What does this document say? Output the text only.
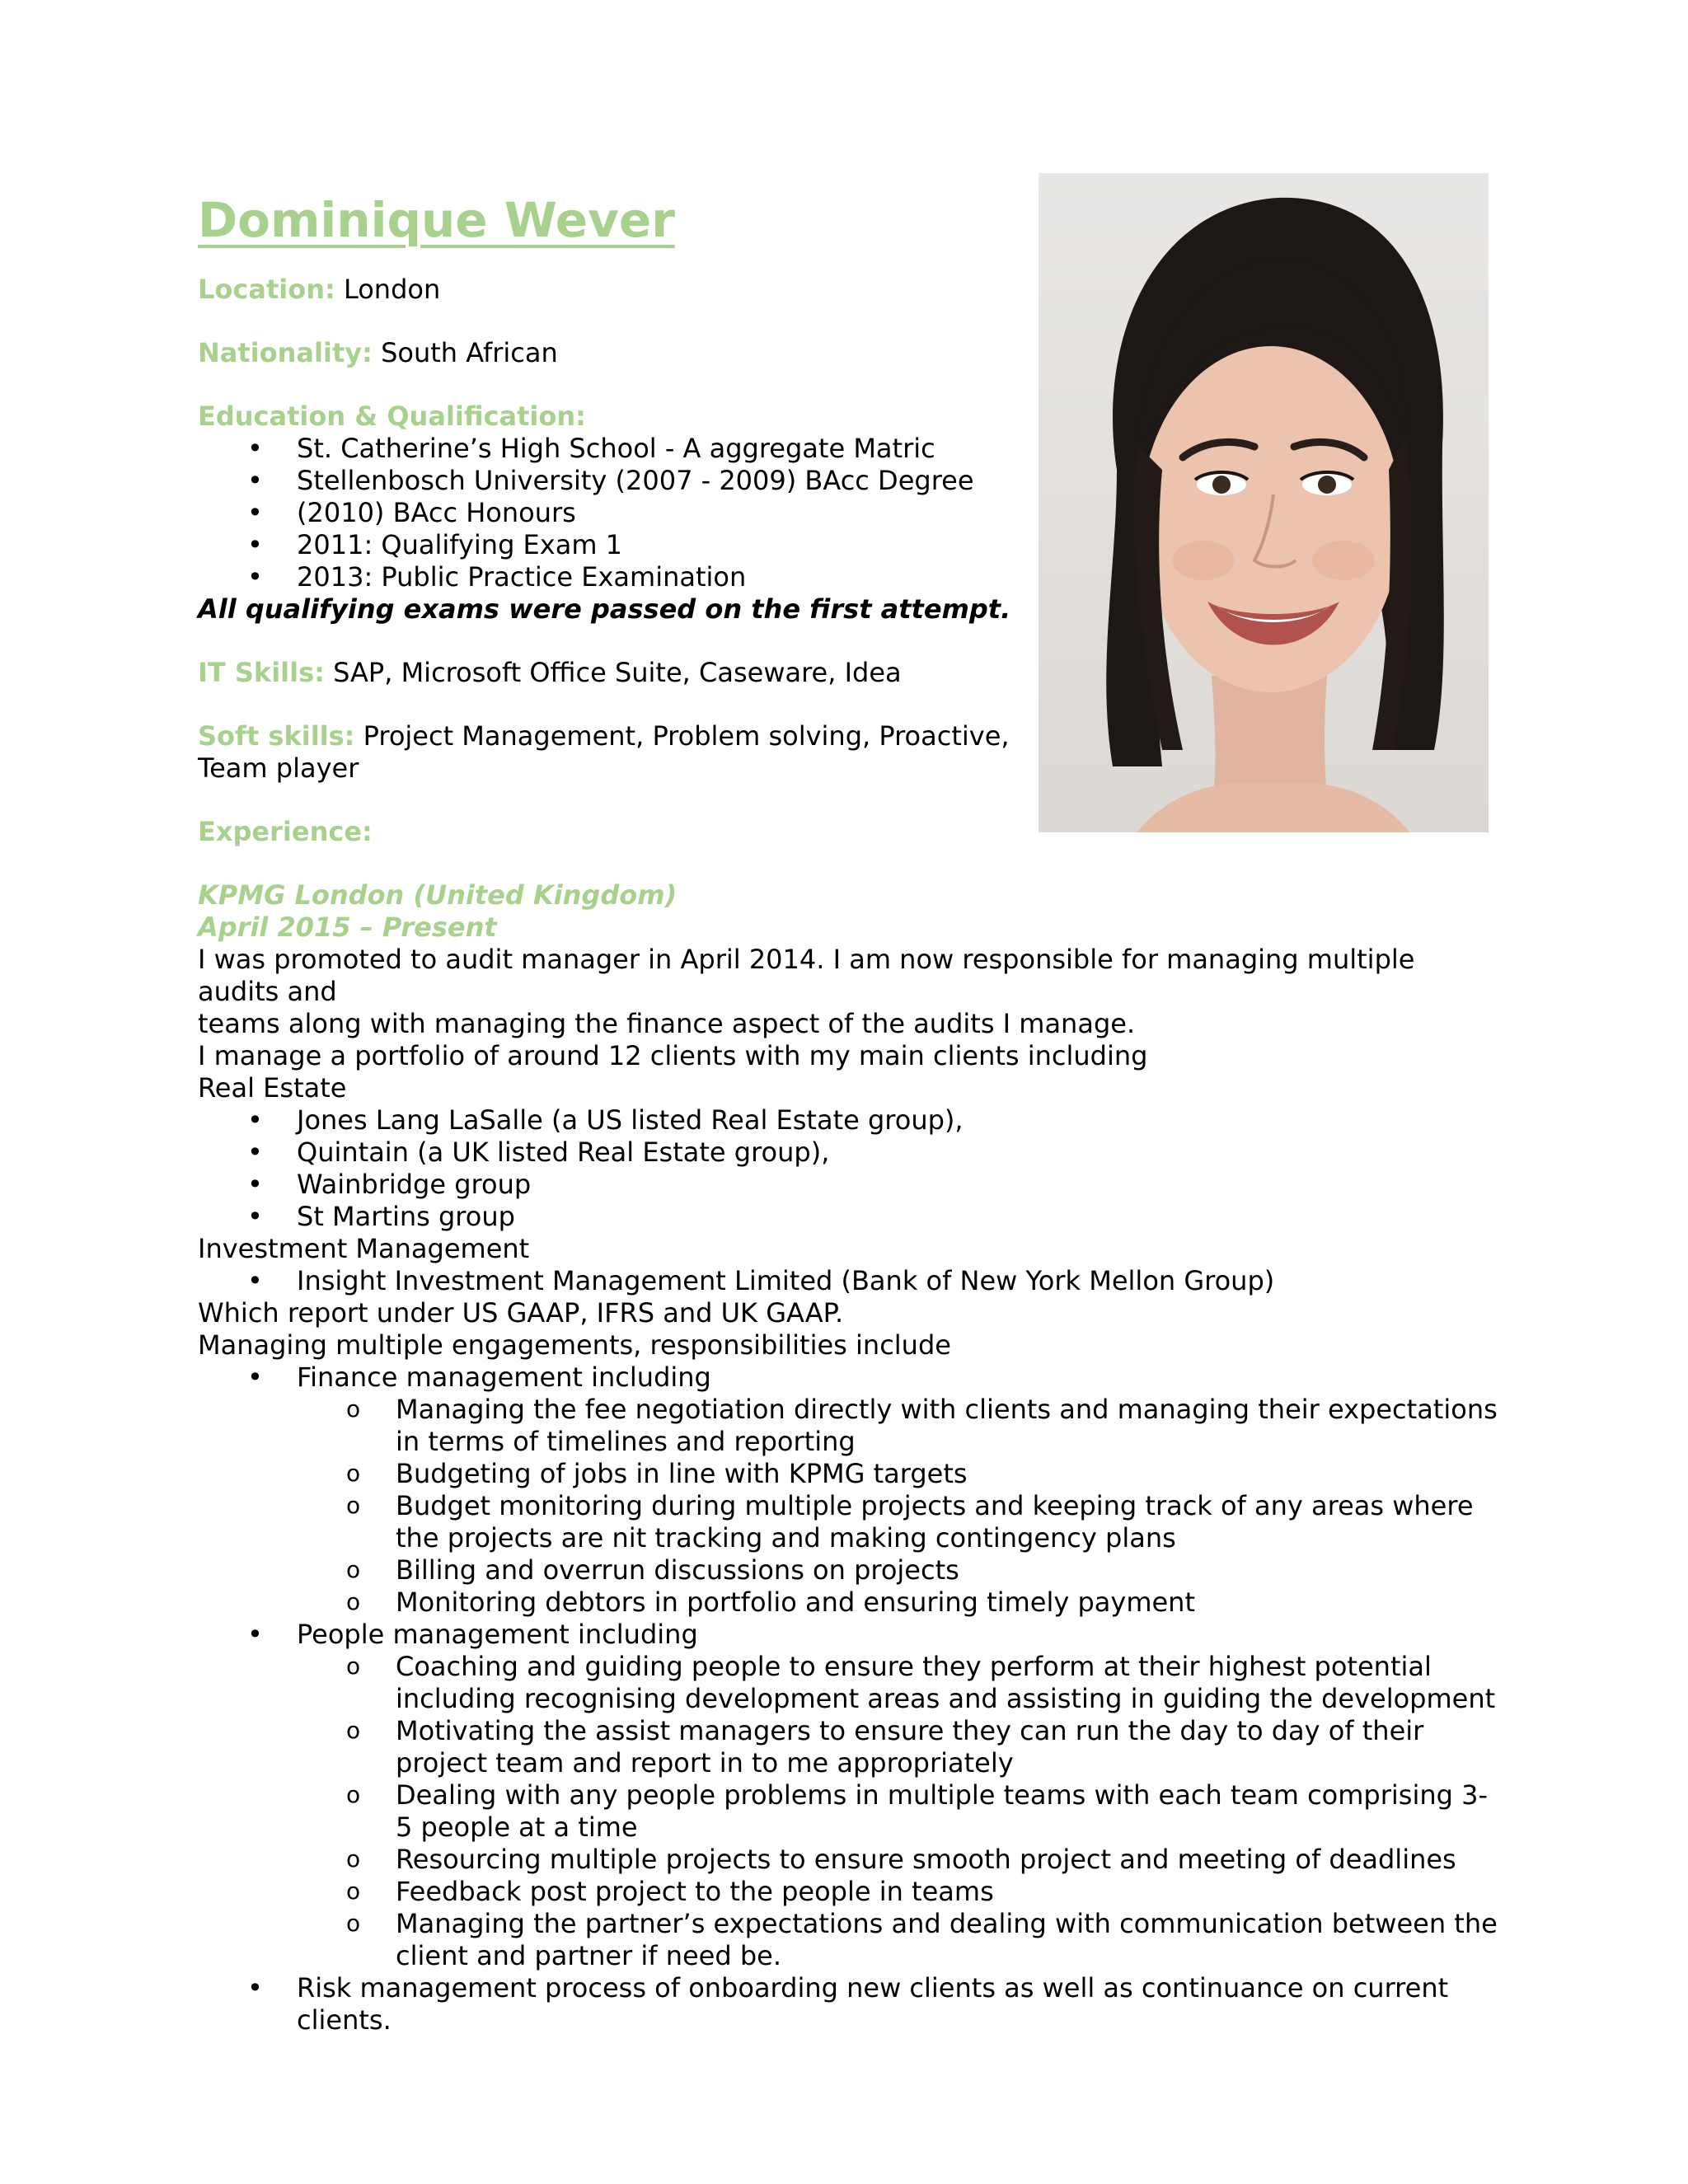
Dominique Wever
Location: London
Nationality: South African
Education & Qualification:
• St. Catherine’s High School - A aggregate Matric
• Stellenbosch University (2007 - 2009) BAcc Degree
• (2010) BAcc Honours
• 2011: Qualifying Exam 1
• 2013: Public Practice Examination
All qualifying exams were passed on the first attempt.
IT Skills: SAP, Microsoft Office Suite, Caseware, Idea
Soft skills: Project Management, Problem solving, Proactive,
Team player
Experience:
KPMG London (United Kingdom)
April 2015 – Present
I was promoted to audit manager in April 2014. I am now responsible for managing multiple audits and
teams along with managing the finance aspect of the audits I manage.
I manage a portfolio of around 12 clients with my main clients including
Real Estate
• Jones Lang LaSalle (a US listed Real Estate group),
• Quintain (a UK listed Real Estate group),
• Wainbridge group
• St Martins group
Investment Management
• Insight Investment Management Limited (Bank of New York Mellon Group)
Which report under US GAAP, IFRS and UK GAAP.
Managing multiple engagements, responsibilities include
• Finance management including
o Managing the fee negotiation directly with clients and managing their expectations in terms of timelines and reporting
o Budgeting of jobs in line with KPMG targets
o Budget monitoring during multiple projects and keeping track of any areas where the projects are nit tracking and making contingency plans
o Billing and overrun discussions on projects
o Monitoring debtors in portfolio and ensuring timely payment
• People management including
o Coaching and guiding people to ensure they perform at their highest potential including recognising development areas and assisting in guiding the development
o Motivating the assist managers to ensure they can run the day to day of their project team and report in to me appropriately
o Dealing with any people problems in multiple teams with each team comprising 3-5 people at a time
o Resourcing multiple projects to ensure smooth project and meeting of deadlines
o Feedback post project to the people in teams
o Managing the partner’s expectations and dealing with communication between the client and partner if need be.
• Risk management process of onboarding new clients as well as continuance on current clients.
